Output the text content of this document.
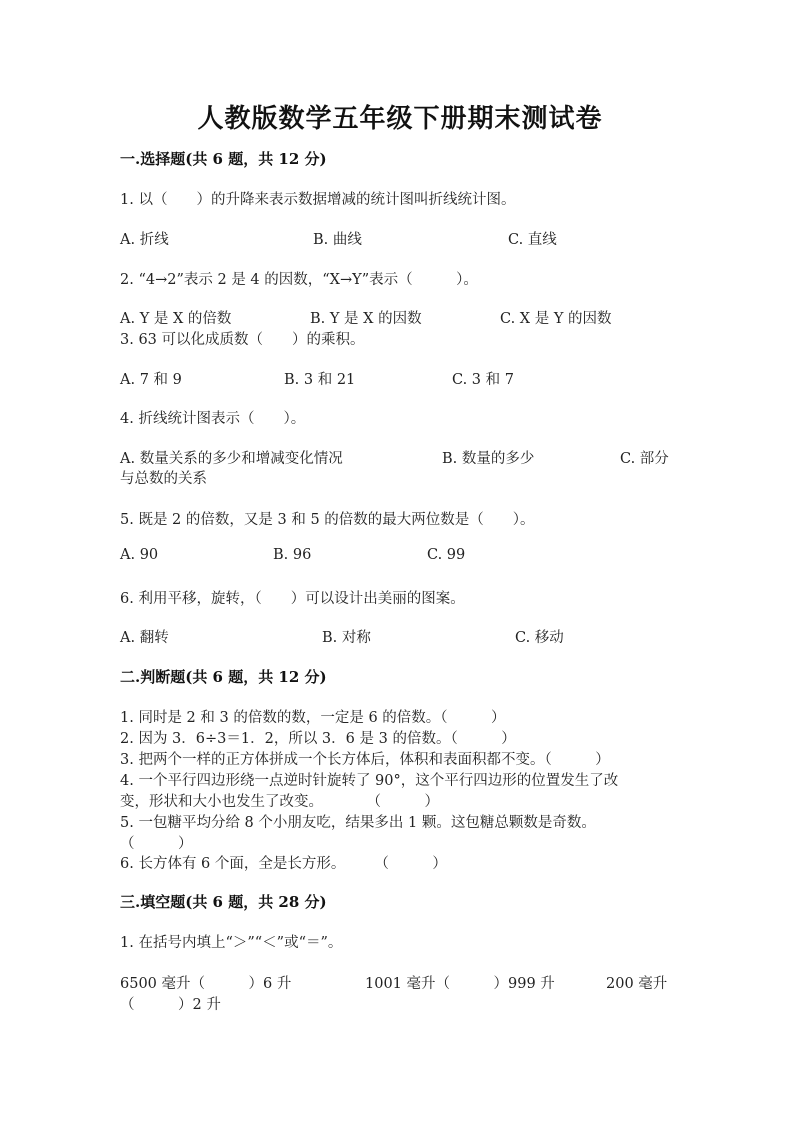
人教版数学五年级下册期末测试卷
一.选择题(共 6 题，共 12 分)
1. 以（　　）的升降来表示数据增减的统计图叫折线统计图。
A. 折线	B. 曲线	C. 直线
2. “4→2”表示 2 是 4 的因数，“X→Y”表示（　　　）。
A. Y 是 X 的倍数	B. Y 是 X 的因数	C. X 是 Y 的因数
3. 63 可以化成质数（　　）的乘积。
A. 7 和 9	B. 3 和 21	C. 3 和 7
4. 折线统计图表示（　　）。
A. 数量关系的多少和增减变化情况	B. 数量的多少	C. 部分
与总数的关系
5. 既是 2 的倍数，又是 3 和 5 的倍数的最大两位数是（　　）。
A. 90	B. 96	C. 99
6. 利用平移，旋转，（　　）可以设计出美丽的图案。
A. 翻转	B. 对称	C. 移动
二.判断题(共 6 题，共 12 分)
1. 同时是 2 和 3 的倍数的数，一定是 6 的倍数。（　　　）
2. 因为 3．6÷3＝1．2，所以 3．6 是 3 的倍数。（　　　）
3. 把两个一样的正方体拼成一个长方体后，体积和表面积都不变。（　　　）
4. 一个平行四边形绕一点逆时针旋转了 90°，这个平行四边形的位置发生了改
变，形状和大小也发生了改变。　　　　（　　　）
5. 一包糖平均分给 8 个小朋友吃，结果多出 1 颗。这包糖总颗数是奇数。
（　　　）
6. 长方体有 6 个面，全是长方形。　　　（　　　）
三.填空题(共 6 题，共 28 分)
1. 在括号内填上“＞”“＜”或“＝”。
6500 毫升（　　　）6 升	1001 毫升（　　　）999 升	200 毫升
（　　　）2 升
